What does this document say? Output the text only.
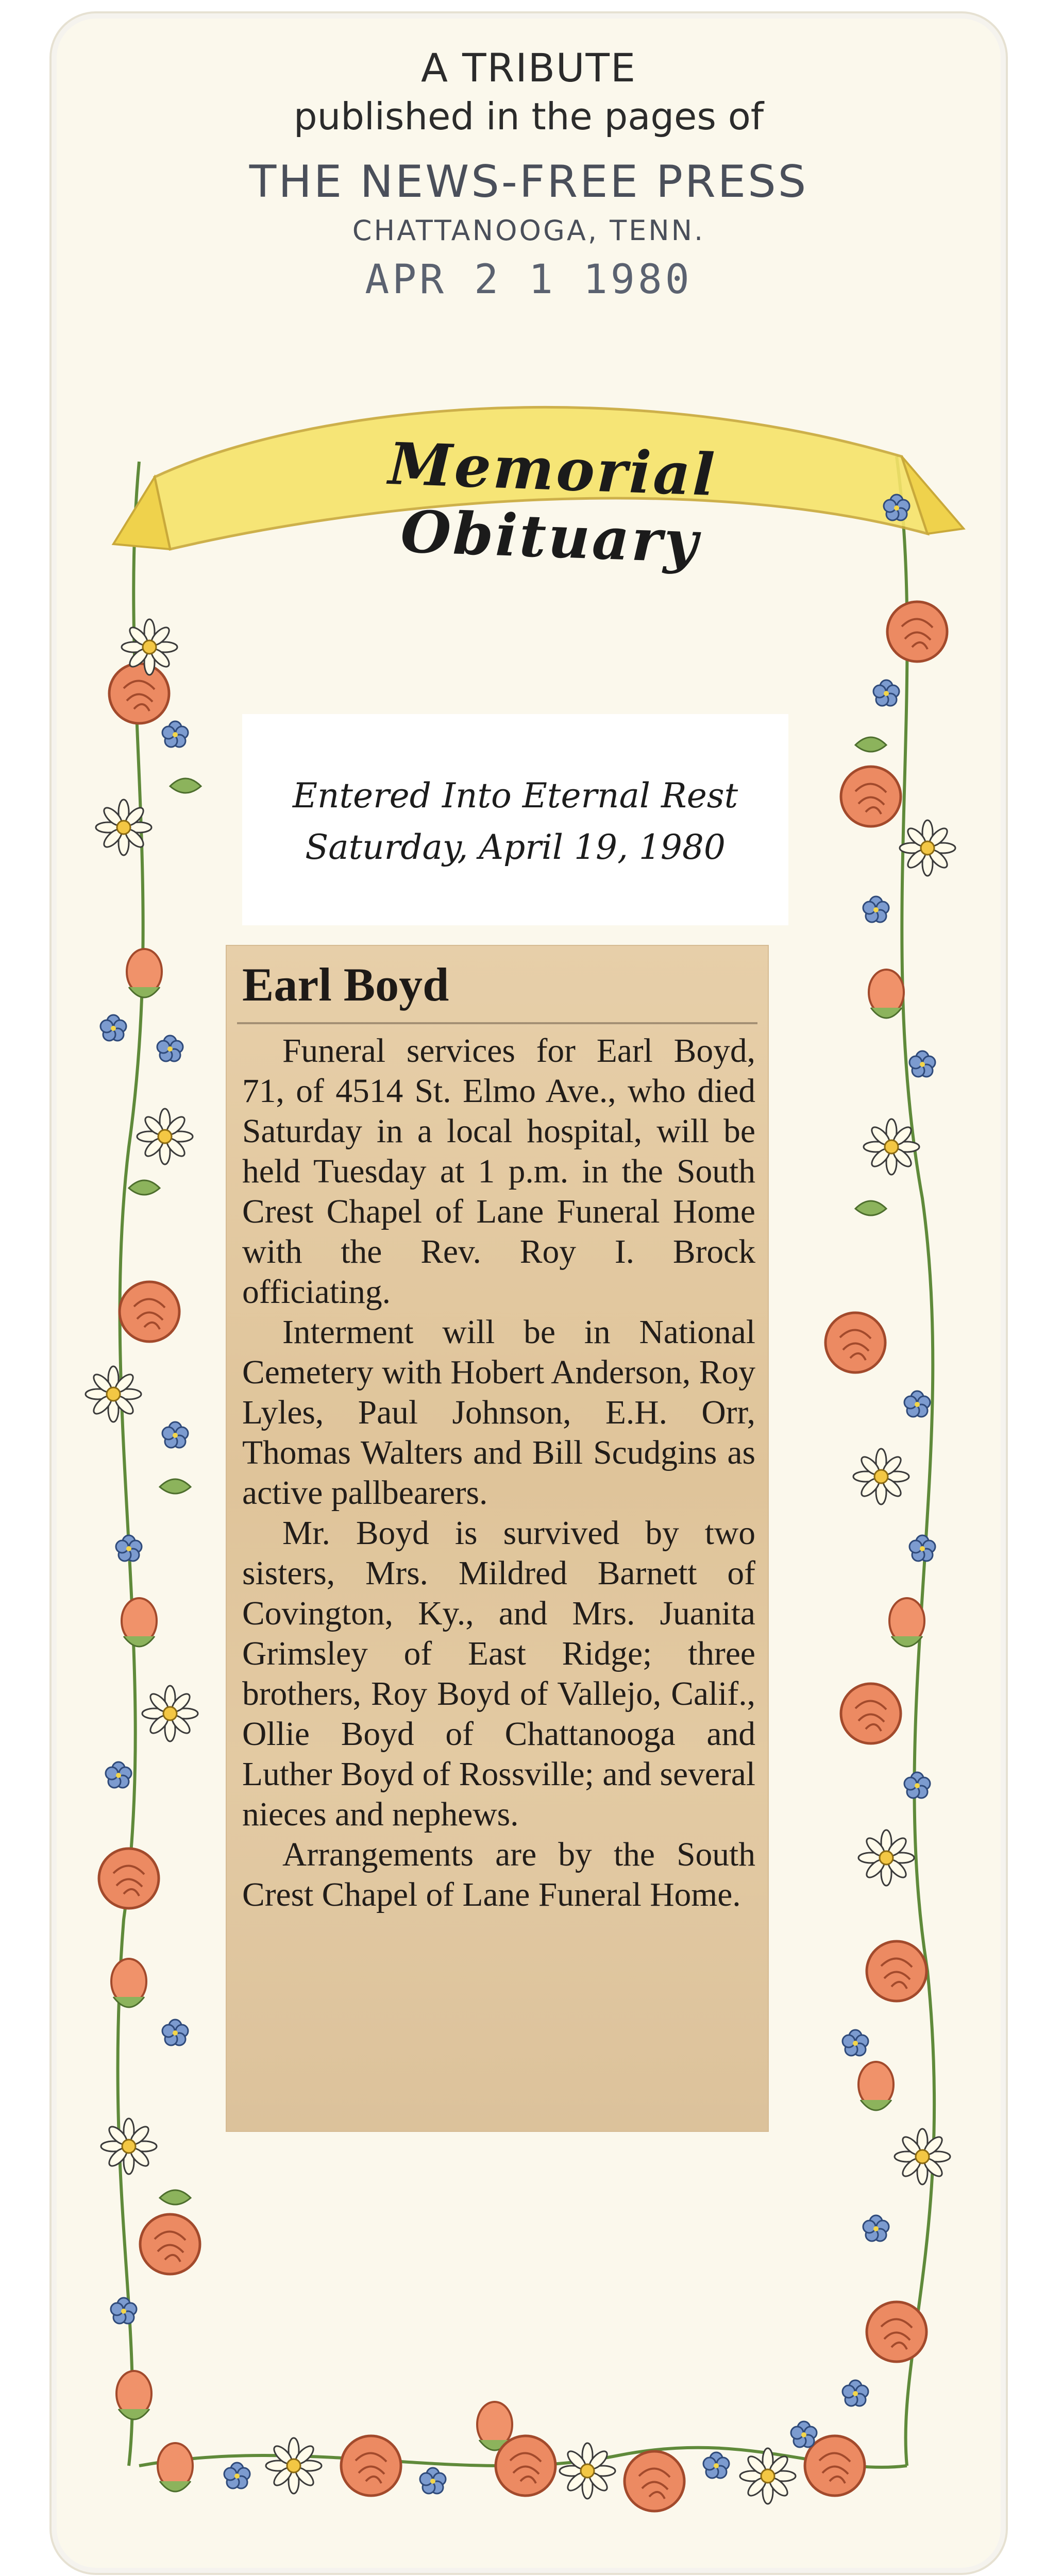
A TRIBUTE
published in the pages of
THE NEWS-FREE PRESS
CHATTANOOGA, TENN.
APR 2 1 1980
Memorial Obituary
Entered Into Eternal Rest
Saturday, April 19, 1980
Earl Boyd

Funeral services for Earl Boyd, 71, of 4514 St. Elmo Ave., who died Saturday in a local hospital, will be held Tuesday at 1 p.m. in the South Crest Chapel of Lane Funeral Home with the Rev. Roy I. Brock officiating.

Interment will be in National Cemetery with Hobert Anderson, Roy Lyles, Paul Johnson, E.H. Orr, Thomas Walters and Bill Scudgins as active pallbearers.

Mr. Boyd is survived by two sisters, Mrs. Mildred Barnett of Covington, Ky., and Mrs. Juanita Grimsley of East Ridge; three brothers, Roy Boyd of Vallejo, Calif., Ollie Boyd of Chattanooga and Luther Boyd of Rossville; and several nieces and nephews.

Arrangements are by the South Crest Chapel of Lane Funeral Home.
